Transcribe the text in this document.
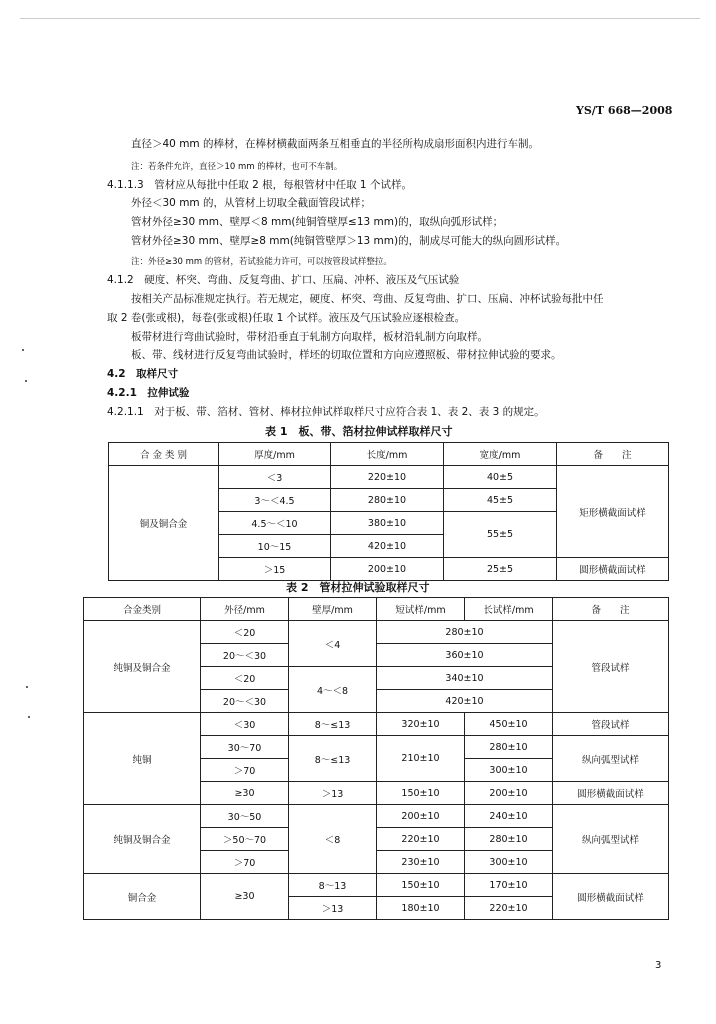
YS/T 668—2008
直径＞40 mm 的棒材，在棒材横截面两条互相垂直的半径所构成扇形面积内进行车制。
注：若条件允许，直径＞10 mm 的棒材，也可不车制。
4.1.1.3　管材应从每批中任取 2 根，每根管材中任取 1 个试样。
外径＜30 mm 的，从管材上切取全截面管段试样；
管材外径≥30 mm、壁厚＜8 mm(纯铜管壁厚≤13 mm)的，取纵向弧形试样；
管材外径≥30 mm、壁厚≥8 mm(纯铜管壁厚＞13 mm)的，制成尽可能大的纵向圆形试样。
注：外径≥30 mm 的管材，若试验能力许可，可以按管段试样整拉。
4.1.2　硬度、杯突、弯曲、反复弯曲、扩口、压扁、冲杯、液压及气压试验
按相关产品标准规定执行。若无规定，硬度、杯突、弯曲、反复弯曲、扩口、压扁、冲杯试验每批中任
取 2 卷(张或根)，每卷(张或根)任取 1 个试样。液压及气压试验应逐根检查。
板带材进行弯曲试验时，带材沿垂直于轧制方向取样，板材沿轧制方向取样。
板、带、线材进行反复弯曲试验时，样坯的切取位置和方向应遵照板、带材拉伸试验的要求。
4.2　取样尺寸
4.2.1　拉伸试验
4.2.1.1　对于板、带、箔材、管材、棒材拉伸试样取样尺寸应符合表 1、表 2、表 3 的规定。
表 1　板、带、箔材拉伸试样取样尺寸
合 金 类 别	厚度/mm	长度/mm	宽度/mm	备　　注
铜及铜合金	＜3	220±10	40±5	矩形横截面试样
	3～＜4.5	280±10	45±5	
	4.5～＜10	380±10	55±5	
	10～15	420±10		
	＞15	200±10	25±5	圆形横截面试样
表 2　管材拉伸试验取样尺寸
合金类别	外径/mm	壁厚/mm	短试样/mm	长试样/mm	备　　注
纯铜及铜合金	＜20	＜4	280±10		管段试样
	20～＜30		360±10		
	＜20	4～＜8	340±10		
	20～＜30		420±10		
纯铜	＜30	8～≤13	320±10	450±10	管段试样
	30～70	8～≤13	210±10	280±10	纵向弧型试样
	＞70			300±10	
	≥30	＞13	150±10	200±10	圆形横截面试样
纯铜及铜合金	30～50	＜8	200±10	240±10	纵向弧型试样
	＞50～70		220±10	280±10	
	＞70		230±10	300±10	
铜合金	≥30	8～13	150±10	170±10	圆形横截面试样
		＞13	180±10	220±10	
3
